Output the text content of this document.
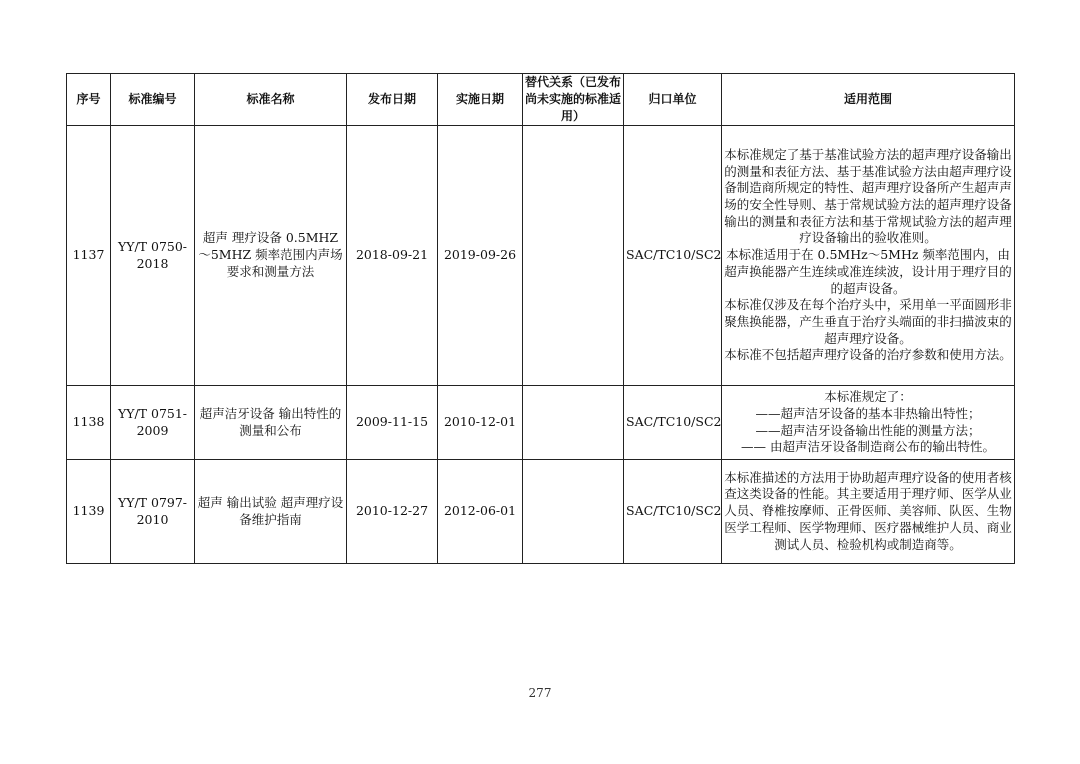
序号	标准编号	标准名称	发布日期	实施日期	替代关系（已发布尚未实施的标准适用）	归口单位	适用范围
1137	YY/T 0750-2018	超声 理疗设备 0.5MHZ～5MHZ 频率范围内声场要求和测量方法	2018-09-21	2019-09-26		SAC/TC10/SC2	本标准规定了基于基准试验方法的超声理疗设备输出的测量和表征方法、基于基准试验方法由超声理疗设备制造商所规定的特性、超声理疗设备所产生超声声场的安全性导则、基于常规试验方法的超声理疗设备输出的测量和表征方法和基于常规试验方法的超声理疗设备输出的验收准则。

本标准适用于在 0.5MHz～5MHz 频率范围内，由超声换能器产生连续或准连续波，设计用于理疗目的的超声设备。

本标准仅涉及在每个治疗头中，采用单一平面圆形非聚焦换能器，产生垂直于治疗头端面的非扫描波束的超声理疗设备。

本标准不包括超声理疗设备的治疗参数和使用方法。

1138	YY/T 0751-2009	超声洁牙设备 输出特性的测量和公布	2009-11-15	2010-12-01		SAC/TC10/SC2	本标准规定了：

——超声洁牙设备的基本非热输出特性；

——超声洁牙设备输出性能的测量方法；

—— 由超声洁牙设备制造商公布的输出特性。

1139	YY/T 0797-2010	超声 输出试验 超声理疗设备维护指南	2010-12-27	2012-06-01		SAC/TC10/SC2	本标准描述的方法用于协助超声理疗设备的使用者核查这类设备的性能。其主要适用于理疗师、医学从业人员、脊椎按摩师、正骨医师、美容师、队医、生物医学工程师、医学物理师、医疗器械维护人员、商业测试人员、检验机构或制造商等。

277
